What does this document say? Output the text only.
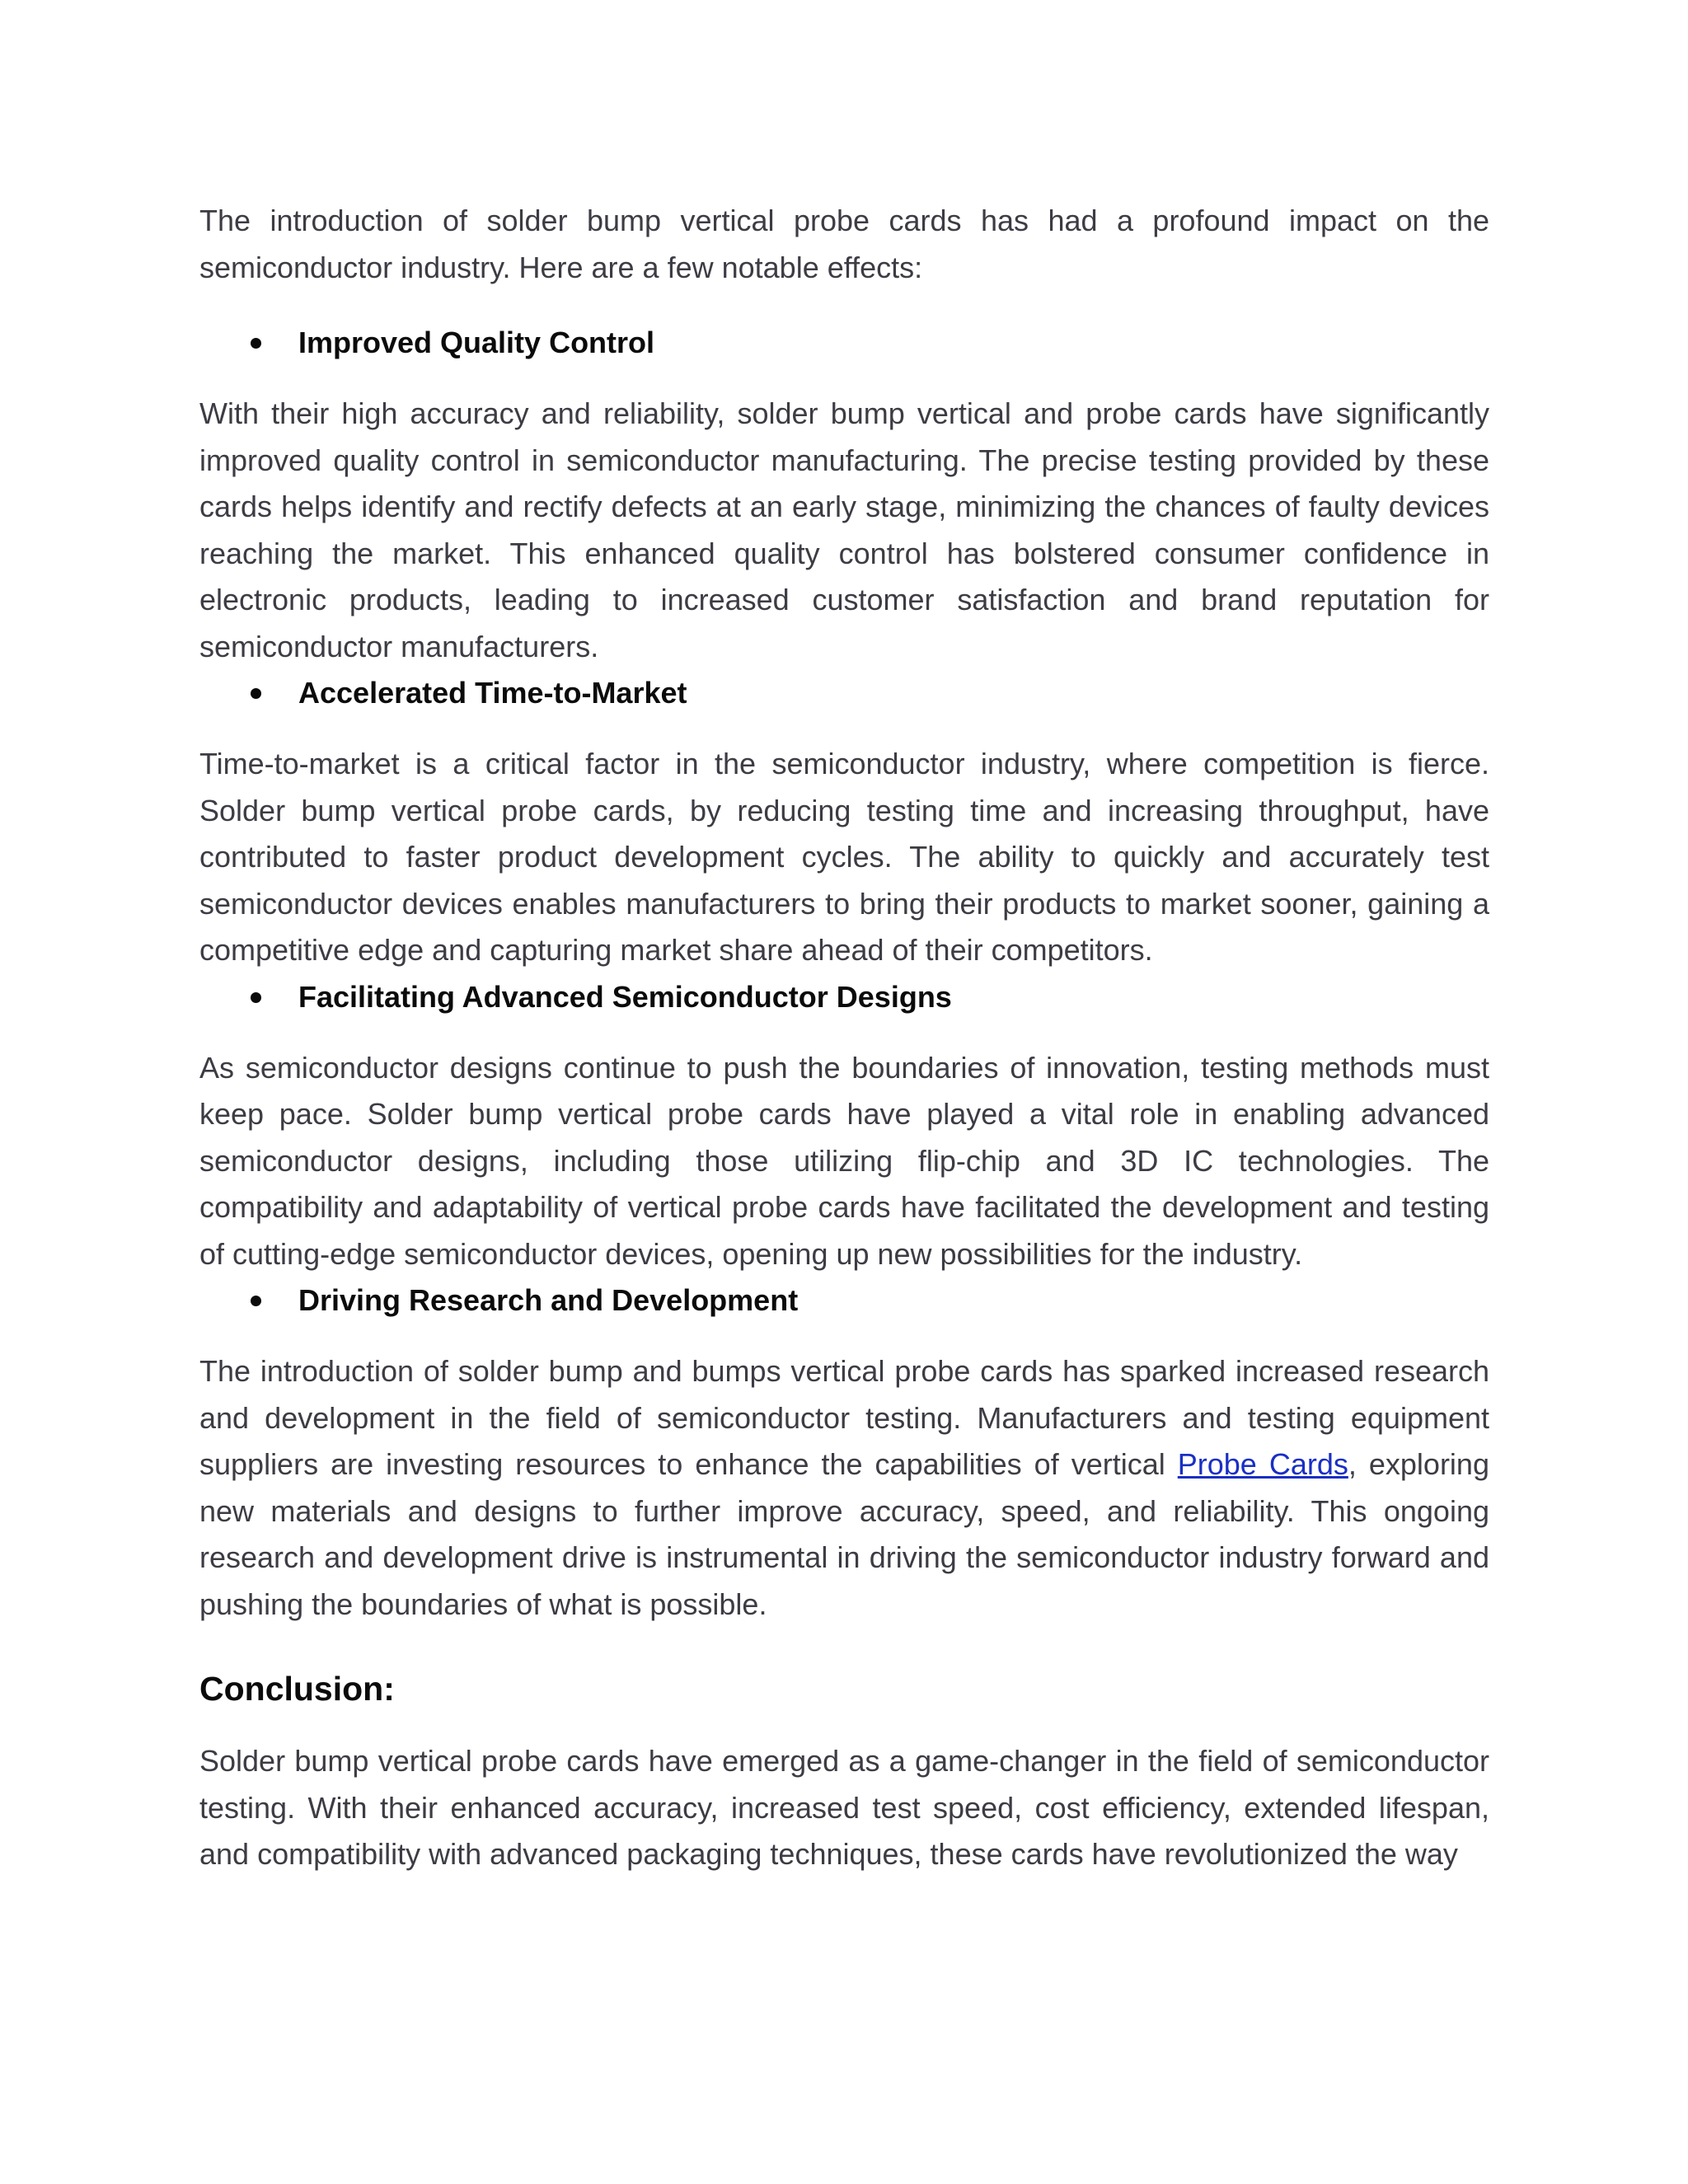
The introduction of solder bump vertical probe cards has had a profound impact on the semiconductor industry. Here are a few notable effects:

Improved Quality Control

With their high accuracy and reliability, solder bump vertical and probe cards have significantly improved quality control in semiconductor manufacturing. The precise testing provided by these cards helps identify and rectify defects at an early stage, minimizing the chances of faulty devices reaching the market. This enhanced quality control has bolstered consumer confidence in electronic products, leading to increased customer satisfaction and brand reputation for semiconductor manufacturers.

Accelerated Time-to-Market

Time-to-market is a critical factor in the semiconductor industry, where competition is fierce. Solder bump vertical probe cards, by reducing testing time and increasing throughput, have contributed to faster product development cycles. The ability to quickly and accurately test semiconductor devices enables manufacturers to bring their products to market sooner, gaining a competitive edge and capturing market share ahead of their competitors.

Facilitating Advanced Semiconductor Designs

As semiconductor designs continue to push the boundaries of innovation, testing methods must keep pace. Solder bump vertical probe cards have played a vital role in enabling advanced semiconductor designs, including those utilizing flip-chip and 3D IC technologies. The compatibility and adaptability of vertical probe cards have facilitated the development and testing of cutting-edge semiconductor devices, opening up new possibilities for the industry.

Driving Research and Development

The introduction of solder bump and bumps vertical probe cards has sparked increased research and development in the field of semiconductor testing. Manufacturers and testing equipment suppliers are investing resources to enhance the capabilities of vertical Probe Cards, exploring new materials and designs to further improve accuracy, speed, and reliability. This ongoing research and development drive is instrumental in driving the semiconductor industry forward and pushing the boundaries of what is possible.

Conclusion:

Solder bump vertical probe cards have emerged as a game-changer in the field of semiconductor testing. With their enhanced accuracy, increased test speed, cost efficiency, extended lifespan, and compatibility with advanced packaging techniques, these cards have revolutionized the way
